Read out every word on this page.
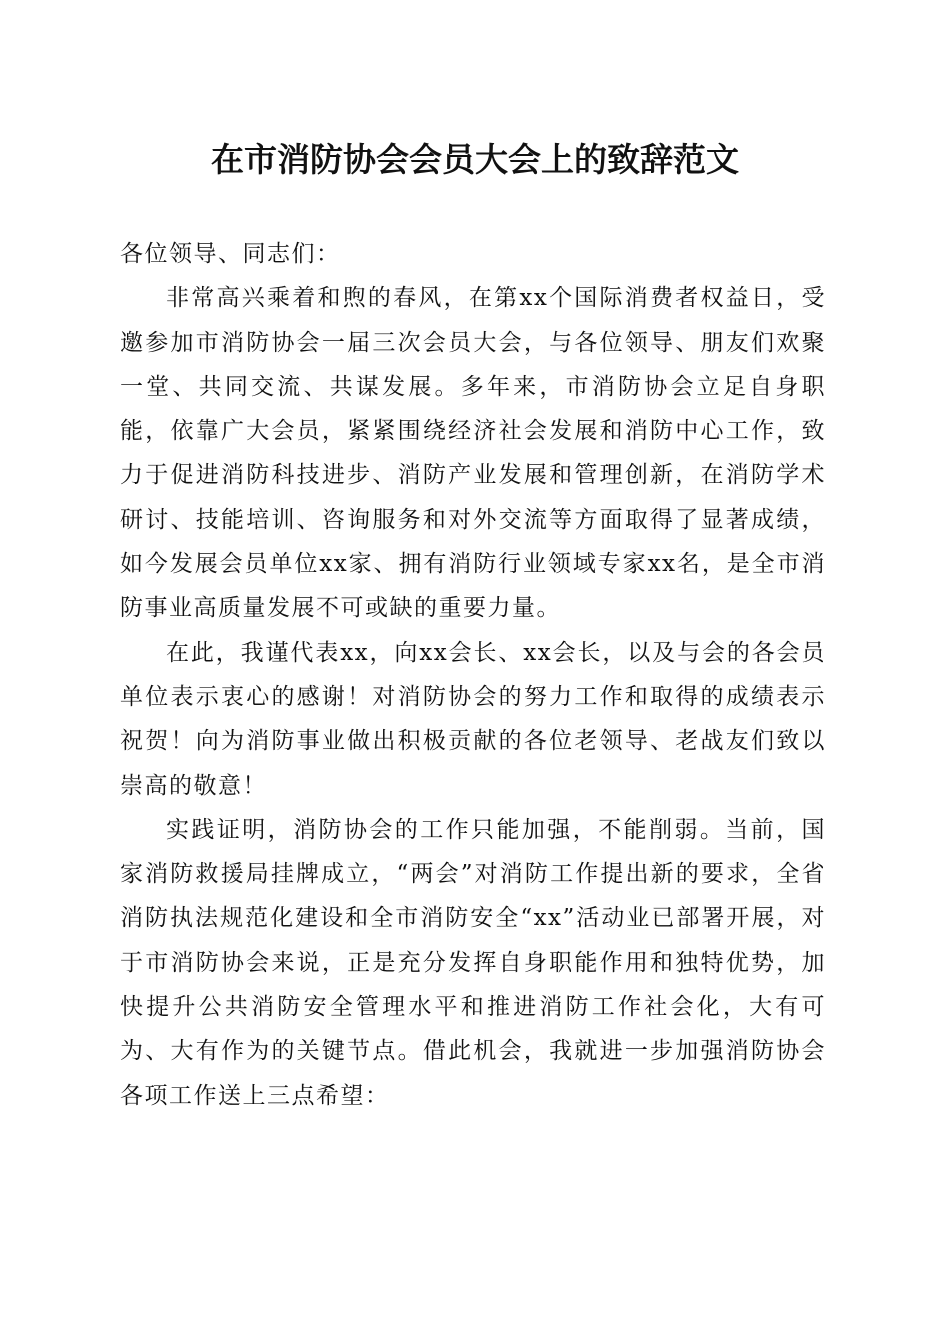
在市消防协会会员大会上的致辞范文

各位领导、同志们：

非常高兴乘着和煦的春风，在第xx个国际消费者权益日，受邀参加市消防协会一届三次会员大会，与各位领导、朋友们欢聚一堂、共同交流、共谋发展。多年来，市消防协会立足自身职能，依靠广大会员，紧紧围绕经济社会发展和消防中心工作，致力于促进消防科技进步、消防产业发展和管理创新，在消防学术研讨、技能培训、咨询服务和对外交流等方面取得了显著成绩，如今发展会员单位xx家、拥有消防行业领域专家xx名，是全市消防事业高质量发展不可或缺的重要力量。

在此，我谨代表xx，向xx会长、xx会长，以及与会的各会员单位表示衷心的感谢！对消防协会的努力工作和取得的成绩表示祝贺！向为消防事业做出积极贡献的各位老领导、老战友们致以崇高的敬意！

实践证明，消防协会的工作只能加强，不能削弱。当前，国家消防救援局挂牌成立，“两会”对消防工作提出新的要求，全省消防执法规范化建设和全市消防安全“xx”活动业已部署开展，对于市消防协会来说，正是充分发挥自身职能作用和独特优势，加快提升公共消防安全管理水平和推进消防工作社会化，大有可为、大有作为的关键节点。借此机会，我就进一步加强消防协会各项工作送上三点希望：
